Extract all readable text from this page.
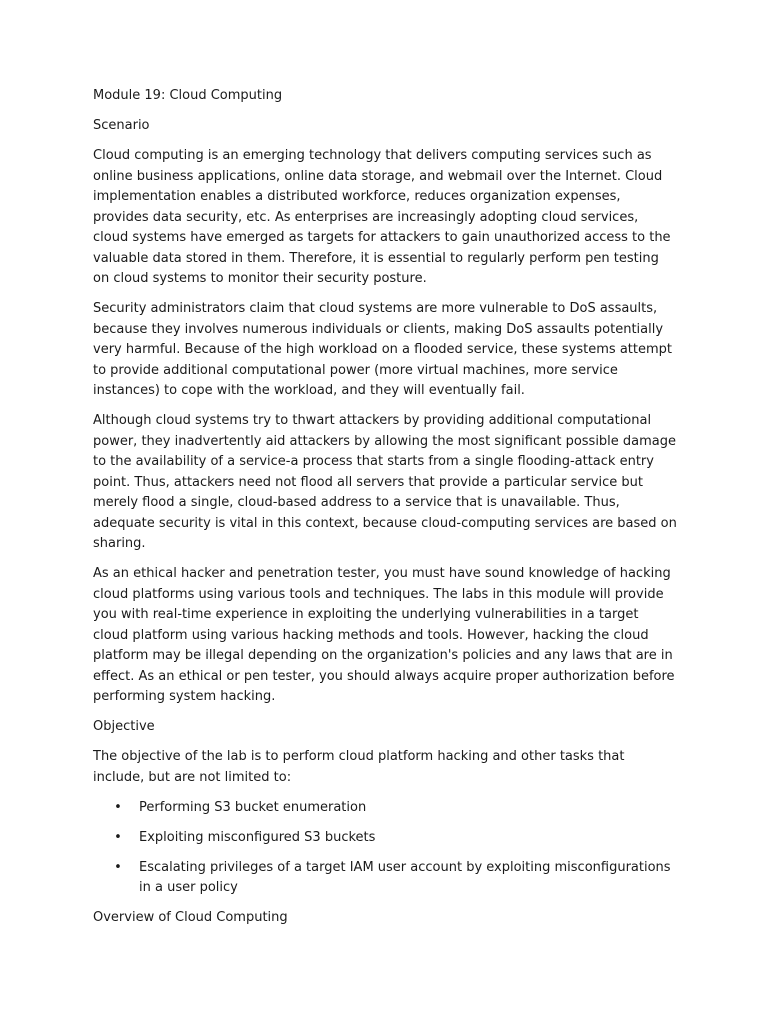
Module 19: Cloud Computing

Scenario

Cloud computing is an emerging technology that delivers computing services such as online business applications, online data storage, and webmail over the Internet. Cloud implementation enables a distributed workforce, reduces organization expenses, provides data security, etc. As enterprises are increasingly adopting cloud services, cloud systems have emerged as targets for attackers to gain unauthorized access to the valuable data stored in them. Therefore, it is essential to regularly perform pen testing on cloud systems to monitor their security posture.

Security administrators claim that cloud systems are more vulnerable to DoS assaults, because they involves numerous individuals or clients, making DoS assaults potentially very harmful. Because of the high workload on a flooded service, these systems attempt to provide additional computational power (more virtual machines, more service instances) to cope with the workload, and they will eventually fail.

Although cloud systems try to thwart attackers by providing additional computational power, they inadvertently aid attackers by allowing the most significant possible damage to the availability of a service-a process that starts from a single flooding-attack entry point. Thus, attackers need not flood all servers that provide a particular service but merely flood a single, cloud-based address to a service that is unavailable. Thus, adequate security is vital in this context, because cloud-computing services are based on sharing.

As an ethical hacker and penetration tester, you must have sound knowledge of hacking cloud platforms using various tools and techniques. The labs in this module will provide you with real-time experience in exploiting the underlying vulnerabilities in a target cloud platform using various hacking methods and tools. However, hacking the cloud platform may be illegal depending on the organization's policies and any laws that are in effect. As an ethical or pen tester, you should always acquire proper authorization before performing system hacking.

Objective

The objective of the lab is to perform cloud platform hacking and other tasks that include, but are not limited to:

• Performing S3 bucket enumeration
• Exploiting misconfigured S3 buckets
• Escalating privileges of a target IAM user account by exploiting misconfigurations in a user policy

Overview of Cloud Computing
